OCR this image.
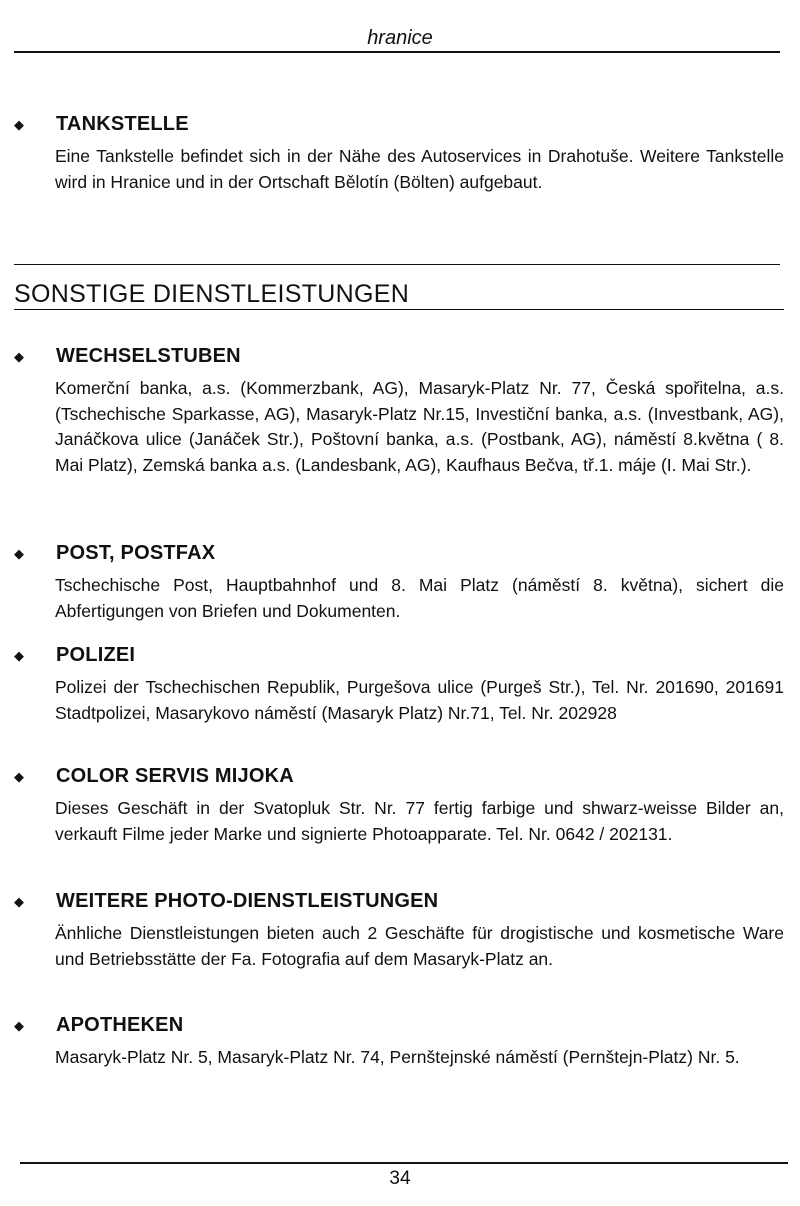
hranice
◆ TANKSTELLE
Eine Tankstelle befindet sich in der Nähe des Autoservices in Drahotuše. Weitere Tankstelle wird in Hranice und in der Ortschaft Bělotín (Bölten) aufgebaut.
SONSTIGE DIENSTLEISTUNGEN
◆ WECHSELSTUBEN
Komerční banka, a.s. (Kommerzbank, AG), Masaryk-Platz Nr. 77, Česká spořitelna, a.s. (Tschechische Sparkasse, AG), Masaryk-Platz Nr.15, Investiční banka, a.s. (Investbank, AG), Janáčkova ulice (Janáček Str.), Poštovní banka, a.s. (Postbank, AG), náměstí 8.května ( 8. Mai Platz), Zemská banka a.s. (Landesbank, AG), Kaufhaus Bečva, tř.1. máje (I. Mai Str.).
◆ POST, POSTFAX
Tschechische Post, Hauptbahnhof und 8. Mai Platz (náměstí 8. května), sichert die Abfertigungen von Briefen und Dokumenten.
◆ POLIZEI
Polizei der Tschechischen Republik, Purgešova ulice (Purgeš Str.), Tel. Nr. 201690, 201691 Stadtpolizei, Masarykovo náměstí (Masaryk Platz) Nr.71, Tel. Nr. 202928
◆ COLOR SERVIS MIJOKA
Dieses Geschäft in der Svatopluk Str. Nr. 77 fertig farbige und shwarz-weisse Bilder an, verkauft Filme jeder Marke und signierte Photoapparate. Tel. Nr. 0642 / 202131.
◆ WEITERE PHOTO-DIENSTLEISTUNGEN
Änhliche Dienstleistungen bieten auch 2 Geschäfte für drogistische und kosmetische Ware und Betriebsstätte der Fa. Fotografia auf dem Masaryk-Platz an.
◆ APOTHEKEN
Masaryk-Platz Nr. 5, Masaryk-Platz Nr. 74, Pernštejnské náměstí (Pernštejn-Platz) Nr. 5.
34
